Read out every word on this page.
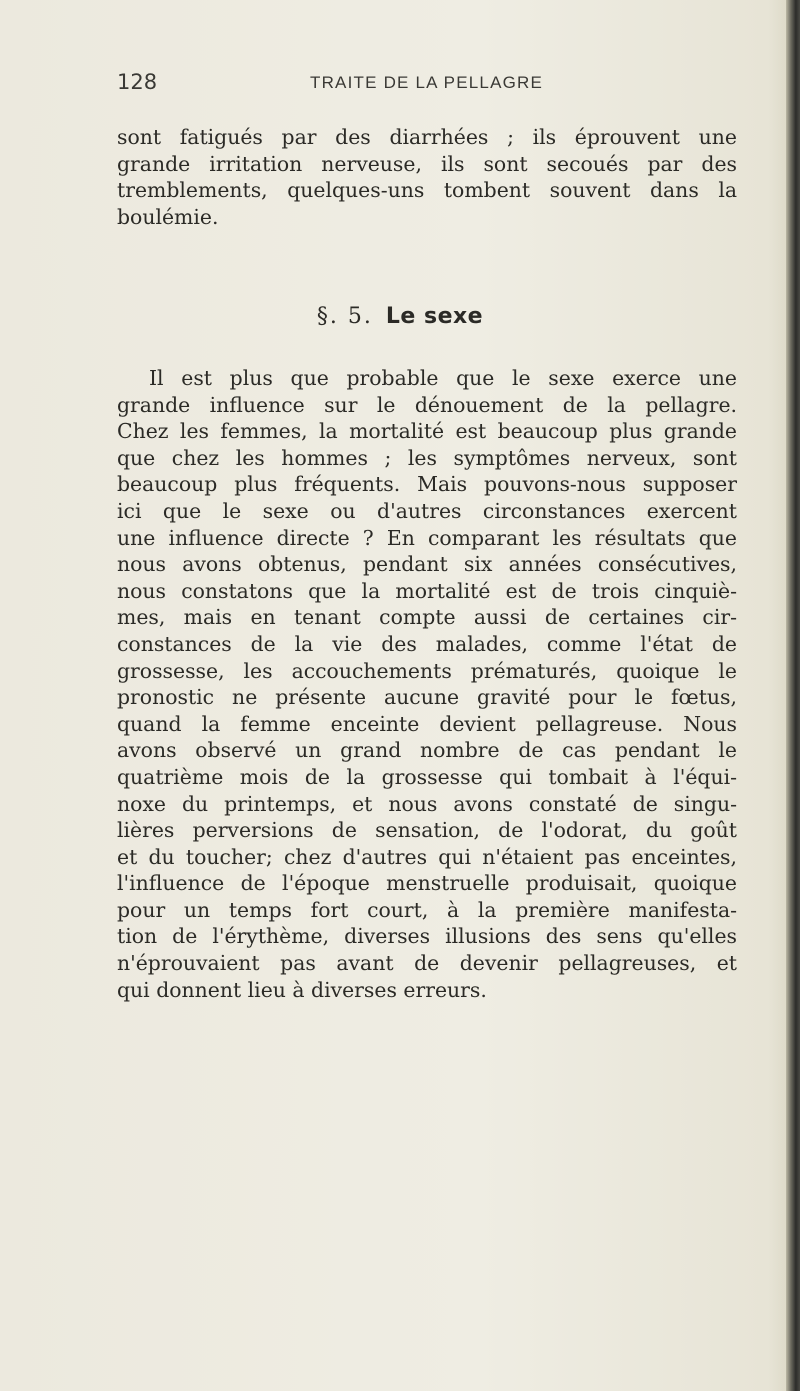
128	TRAITE DE LA PELLAGRE
sont fatigués par des diarrhées ; ils éprouvent une
grande irritation nerveuse, ils sont secoués par des
tremblements, quelques-uns tombent souvent dans la
boulémie.
§. 5. Le sexe
Il est plus que probable que le sexe exerce une
grande influence sur le dénouement de la pellagre.
Chez les femmes, la mortalité est beaucoup plus grande
que chez les hommes ; les symptômes nerveux, sont
beaucoup plus fréquents. Mais pouvons-nous supposer
ici que le sexe ou d'autres circonstances exercent
une influence directe ? En comparant les résultats que
nous avons obtenus, pendant six années consécutives,
nous constatons que la mortalité est de trois cinquiè-
mes, mais en tenant compte aussi de certaines cir-
constances de la vie des malades, comme l'état de
grossesse, les accouchements prématurés, quoique le
pronostic ne présente aucune gravité pour le fœtus,
quand la femme enceinte devient pellagreuse. Nous
avons observé un grand nombre de cas pendant le
quatrième mois de la grossesse qui tombait à l'équi-
noxe du printemps, et nous avons constaté de singu-
lières perversions de sensation, de l'odorat, du goût
et du toucher; chez d'autres qui n'étaient pas enceintes,
l'influence de l'époque menstruelle produisait, quoique
pour un temps fort court, à la première manifesta-
tion de l'érythème, diverses illusions des sens qu'elles
n'éprouvaient pas avant de devenir pellagreuses, et
qui donnent lieu à diverses erreurs.
